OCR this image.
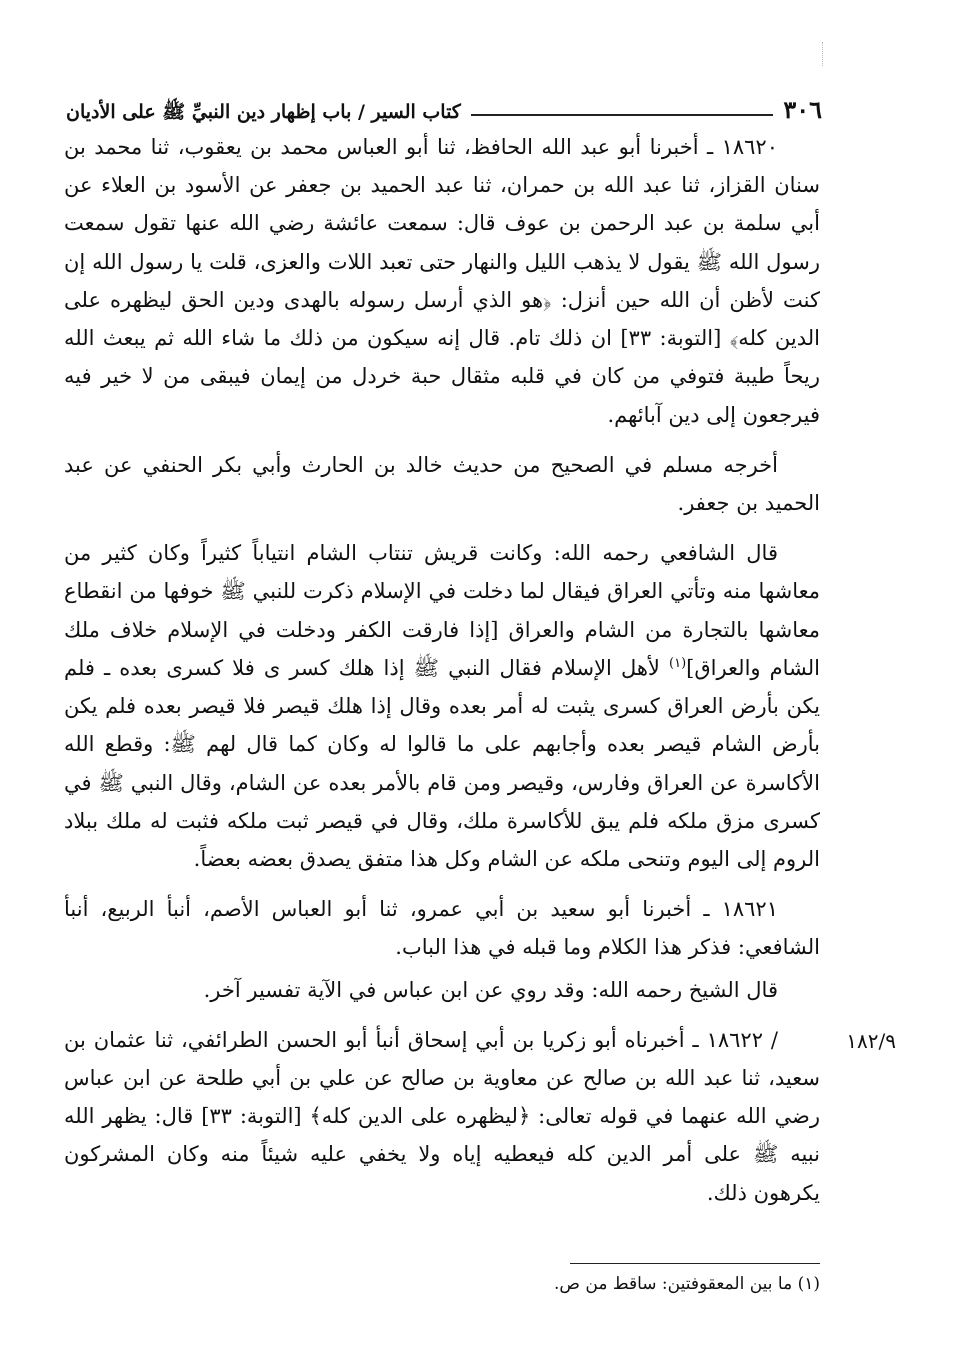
٣٠٦
كتاب السير / باب إظهار دين النبيِّ ﷺ على الأديان

١٨٦٢٠ ـ أخبرنا أبو عبد الله الحافظ، ثنا أبو العباس محمد بن يعقوب، ثنا محمد بن سنان القزاز، ثنا عبد الله بن حمران، ثنا عبد الحميد بن جعفر عن الأسود بن العلاء عن أبي سلمة بن عبد الرحمن بن عوف قال: سمعت عائشة رضي الله عنها تقول سمعت رسول الله ﷺ يقول لا يذهب الليل والنهار حتى تعبد اللات والعزى، قلت يا رسول الله إن كنت لأظن أن الله حين أنزل: ﴿هو الذي أرسل رسوله بالهدى ودين الحق ليظهره على الدين كله﴾ [التوبة: ٣٣] ان ذلك تام. قال إنه سيكون من ذلك ما شاء الله ثم يبعث الله ريحاً طيبة فتوفي من كان في قلبه مثقال حبة خردل من إيمان فيبقى من لا خير فيه فيرجعون إلى دين آبائهم.

أخرجه مسلم في الصحيح من حديث خالد بن الحارث وأبي بكر الحنفي عن عبد الحميد بن جعفر.

قال الشافعي رحمه الله: وكانت قريش تنتاب الشام انتياباً كثيراً وكان كثير من معاشها منه وتأتي العراق فيقال لما دخلت في الإسلام ذكرت للنبي ﷺ خوفها من انقطاع معاشها بالتجارة من الشام والعراق [إذا فارقت الكفر ودخلت في الإسلام خلاف ملك الشام والعراق]$^{(١)}$ لأهل الإسلام فقال النبي ﷺ إذا هلك كسر ى فلا كسرى بعده ـ فلم يكن بأرض العراق كسرى يثبت له أمر بعده وقال إذا هلك قيصر فلا قيصر بعده فلم يكن بأرض الشام قيصر بعده وأجابهم على ما قالوا له وكان كما قال لهم ﷺ: وقطع الله الأكاسرة عن العراق وفارس، وقيصر ومن قام بالأمر بعده عن الشام، وقال النبي ﷺ في كسرى مزق ملكه فلم يبق للأكاسرة ملك، وقال في قيصر ثبت ملكه فثبت له ملك ببلاد الروم إلى اليوم وتنحى ملكه عن الشام وكل هذا متفق يصدق بعضه بعضاً.

١٨٦٢١ ـ أخبرنا أبو سعيد بن أبي عمرو، ثنا أبو العباس الأصم، أنبأ الربيع، أنبأ الشافعي: فذكر هذا الكلام وما قبله في هذا الباب.

قال الشيخ رحمه الله: وقد روي عن ابن عباس في الآية تفسير آخر.

١٨٢/٩
/ ١٨٦٢٢ ـ أخبرناه أبو زكريا بن أبي إسحاق أنبأ أبو الحسن الطرائفي، ثنا عثمان بن سعيد، ثنا عبد الله بن صالح عن معاوية بن صالح عن علي بن أبي طلحة عن ابن عباس رضي الله عنهما في قوله تعالى: ﴿ليظهره على الدين كله﴾ [التوبة: ٣٣] قال: يظهر الله نبيه ﷺ على أمر الدين كله فيعطيه إياه ولا يخفي عليه شيئاً منه وكان المشركون يكرهون ذلك.

(١) ما بين المعقوفتين: ساقط من ص.
